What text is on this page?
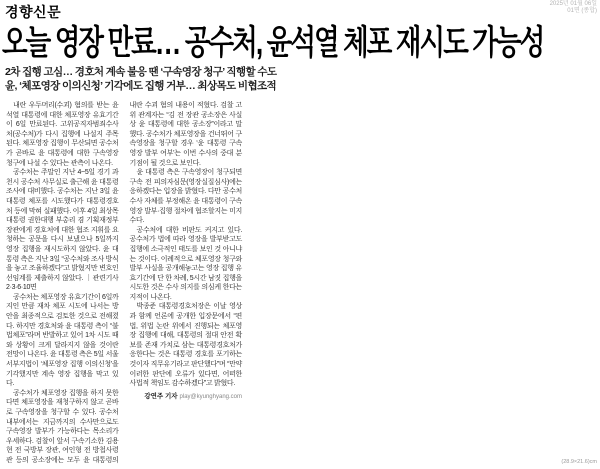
경향신문	2025년 01월 06일
01면 (종합)
오늘 영장 만료… 공수처, 윤석열 체포 재시도 가능성
2차 집행 고심… 경호처 계속 불응 땐 ‘구속영장 청구’ 직행할 수도
윤, ‘체포영장 이의신청’ 기각에도 집행 거부… 최상목도 비협조적

내란 우두머리(수괴) 혐의를 받는 윤석열 대통령에 대한 체포영장 유효기간이 6일 만료된다. 고위공직자범죄수사처(공수처)가 다시 집행에 나설지 주목된다. 체포영장 집행이 무산되면 공수처가 곧바로 윤 대통령에 대한 구속영장 청구에 나설 수 있다는 관측이 나온다.

공수처는 주말인 지난 4~5일 경기 과천시 공수처 사무실로 출근해 윤 대통령 조사에 대비했다. 공수처는 지난 3일 윤 대통령 체포를 시도했다가 대통령경호처 등에 막혀 실패했다. 이후 4일 최상목 대통령 권한대행 부총리 겸 기획재정부 장관에게 경호처에 대한 협조 지휘를 요청하는 공문을 다시 보냈으나 5일까지 영장 집행을 재시도하지 않았다. 윤 대통령 측은 지난 3일 “공수처와 조사 방식을 놓고 조율하겠다”고 밝혔지만 변호인 선임계를 제출하지 않았다. ｜관련기사 2·3·6·10면

공수처는 체포영장 유효기간이 6일까지인 만큼 재차 체포 시도에 나서는 방안을 최종적으로 검토한 것으로 전해졌다. 하지만 경호처와 윤 대통령 측이 “불법체포”라며 반발하고 있어 1차 시도 때와 상황이 크게 달라지지 않을 것이란 전망이 나온다. 윤 대통령 측은 5일 서울서부지법이 ‘체포영장 집행 이의신청’을 기각했지만 계속 영장 집행을 막고 있다.

공수처가 체포영장 집행을 하지 못한다면 체포영장을 재청구하지 않고 곧바로 구속영장을 청구할 수 있다. 공수처 내부에서는 지금까지의 수사만으로도 구속영장 발부가 가능하다는 목소리가 우세하다. 검찰이 앞서 구속기소한 김용현 전 국방부 장관, 여인형 전 방첩사령관 등의 공소장에는 모두 윤 대통령의 내란 수괴 혐의 내용이 적혔다. 검찰 고위 관계자는 “김 전 장관 공소장은 사실상 윤 대통령에 대한 공소장”이라고 말했다. 공수처가 체포영장을 건너뛰어 구속영장을 청구할 경우 ‘윤 대통령 구속영장 발부 여부’는 이번 수사의 중대 분기점이 될 것으로 보인다.

윤 대통령 측은 구속영장이 청구되면 구속 전 피의자심문(영장실질심사)에는 응하겠다는 입장을 밝혔다. 다만 공수처 수사 자체를 부정해온 윤 대통령이 구속영장 발부·집행 절차에 협조할지는 미지수다.

공수처에 대한 비판도 커지고 있다. 공수처가 법에 따라 영장을 발부받고도 집행에 소극적인 태도를 보인 것 아니냐는 것이다. 이례적으로 체포영장 청구와 발부 사실을 공개해놓고는 영장 집행 유효기간에 단 한 차례, 5시간 남짓 집행을 시도한 것은 수사 의지를 의심케 한다는 지적이 나온다.

박종준 대통령경호처장은 이날 영상과 함께 언론에 공개한 입장문에서 “편법, 위법 논란 위에서 진행되는 체포영장 집행에 대해, 대통령의 절대 안전 확보를 존재 가치로 삼는 대통령경호처가 응한다는 것은 대통령 경호를 포기하는 것이자 직무유기라고 판단했다”며 “만약 이러한 판단에 오류가 있다면, 어떠한 사법적 책임도 감수하겠다”고 밝혔다.

강연주 기자 play@kyunghyang.com
(28.9×21.6)cm
